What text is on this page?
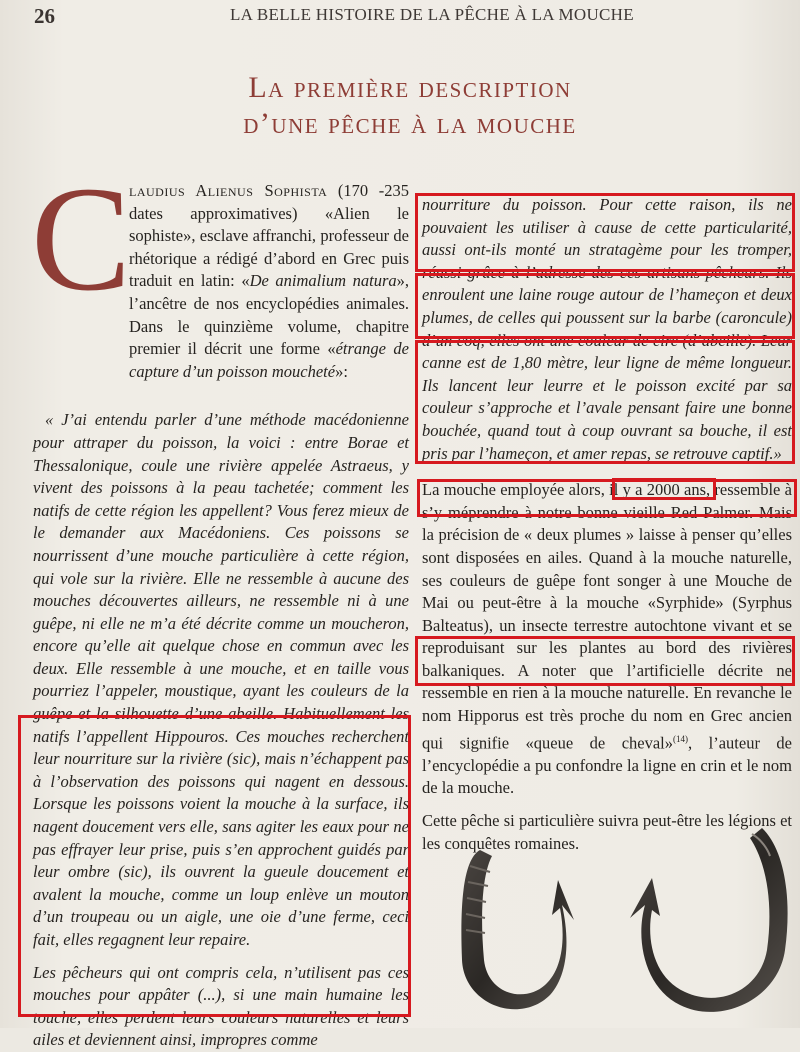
26	LA BELLE HISTOIRE DE LA PÊCHE À LA MOUCHE
La première description
d’une pêche à la mouche
C
laudius Alienus Sophista (170 -235 dates approximatives) «Alien le sophiste», esclave affranchi, professeur de rhétorique a rédigé d’abord en Grec puis traduit en latin: «De animalium natura», l’ancêtre de nos encyclopédies animales. Dans le quinzième volume, chapitre premier il décrit une forme «étrange de capture d’un poisson moucheté»:
« J’ai entendu parler d’une méthode macédonienne pour attraper du poisson, la voici : entre Borae et Thessalonique, coule une rivière appelée Astraeus, y vivent des poissons à la peau tachetée; comment les natifs de cette région les appellent? Vous ferez mieux de le demander aux Macédoniens. Ces poissons se nourrissent d’une mouche particulière à cette région, qui vole sur la rivière. Elle ne ressemble à aucune des mouches découvertes ailleurs, ne ressemble ni à une guêpe, ni elle ne m’a été décrite comme un moucheron, encore qu’elle ait quelque chose en commun avec les deux. Elle ressemble à une mouche, et en taille vous pourriez l’appeler, moustique, ayant les couleurs de la guêpe et la silhouette d’une abeille. Habituellement les natifs l’appellent Hippouros. Ces mouches recherchent leur nourriture sur la rivière (sic), mais n’échappent pas à l’observation des poissons qui nagent en dessous. Lorsque les poissons voient la mouche à la surface, ils nagent doucement vers elle, sans agiter les eaux pour ne pas effrayer leur prise, puis s’en approchent guidés par leur ombre (sic), ils ouvrent la gueule doucement et avalent la mouche, comme un loup enlève un mouton d’un troupeau ou un aigle, une oie d’une ferme, ceci fait, elles regagnent leur repaire.
Les pêcheurs qui ont compris cela, n’utilisent pas ces mouches pour appâter (...), si une main humaine les touche, elles perdent leurs couleurs naturelles et leurs ailes et deviennent ainsi, impropres comme
nourriture du poisson. Pour cette raison, ils ne pouvaient les utiliser à cause de cette particularité, aussi ont-ils monté un stratagème pour les tromper, réussi grâce à l’adresse des ces artisans-pêcheurs. Ils enroulent une laine rouge autour de l’hameçon et deux plumes, de celles qui poussent sur la barbe (caroncule) d’un coq, elles ont une couleur de cire (d’abeille). Leur canne est de 1,80 mètre, leur ligne de même longueur. Ils lancent leur leurre et le poisson excité par sa couleur s’approche et l’avale pensant faire une bonne bouchée, quand tout à coup ouvrant sa bouche, il est pris par l’hameçon, et amer repas, se retrouve captif.»
La mouche employée alors, il y a 2000 ans, ressemble à s’y méprendre à notre bonne vieille Red Palmer. Mais la précision de « deux plumes » laisse à penser qu’elles sont disposées en ailes. Quand à la mouche naturelle, ses couleurs de guêpe font songer à une Mouche de Mai ou peut-être à la mouche «Syrphide» (Syrphus Balteatus), un insecte terrestre autochtone vivant et se reproduisant sur les plantes au bord des rivières balkaniques. A noter que l’artificielle décrite ne ressemble en rien à la mouche naturelle. En revanche le nom Hipporus est très proche du nom en Grec ancien qui signifie «queue de cheval»$^{(14)}$, l’auteur de l’encyclopédie a pu confondre la ligne en crin et le nom de la mouche.
Cette pêche si particulière suivra peut-être les légions et les conquêtes romaines.
